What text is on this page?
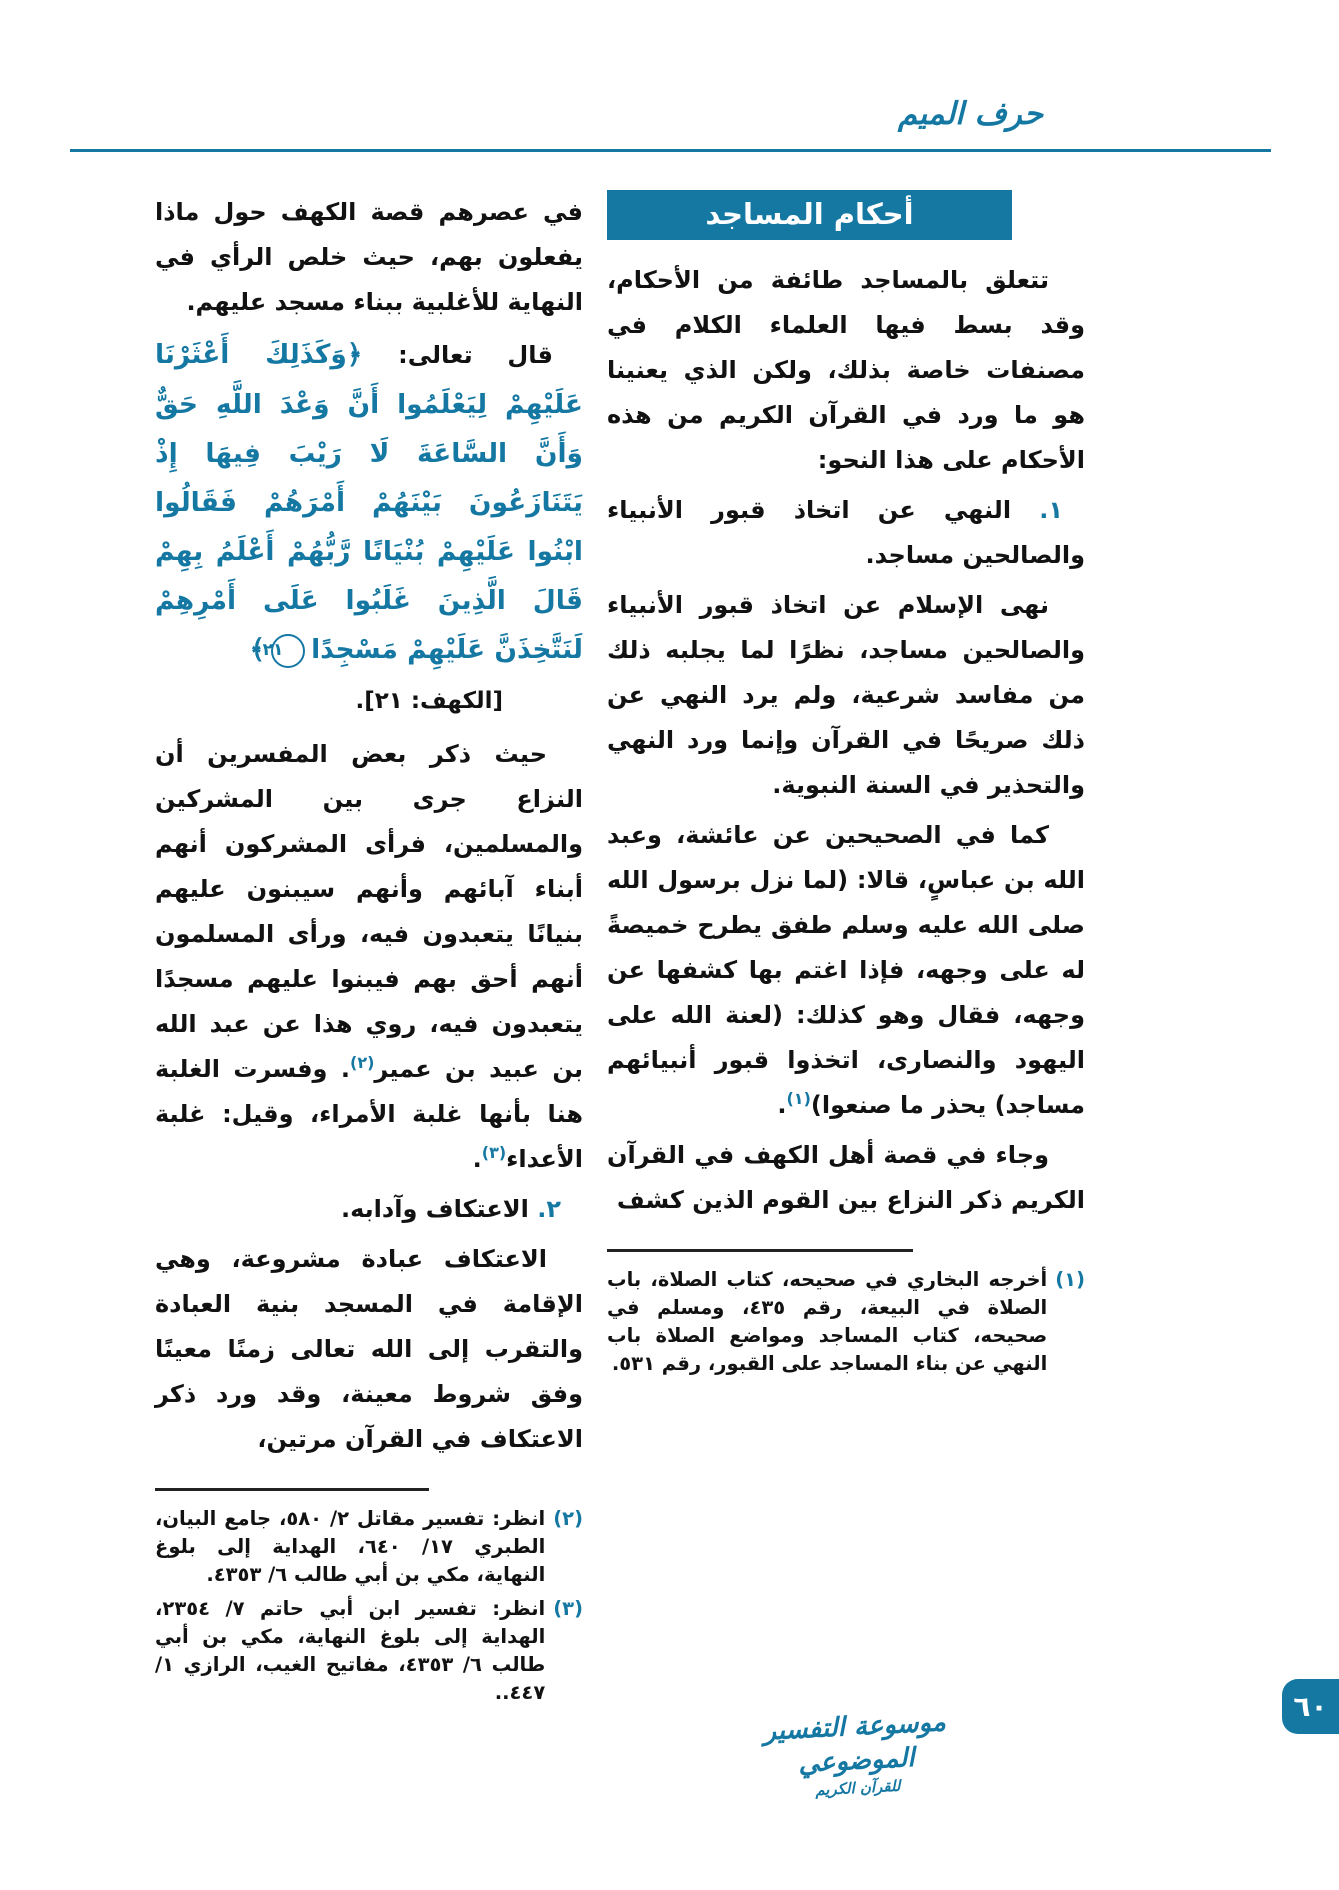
حرف الميم
أحكام المساجد

تتعلق بالمساجد طائفة من الأحكام، وقد بسط فيها العلماء الكلام في مصنفات خاصة بذلك، ولكن الذي يعنينا هو ما ورد في القرآن الكريم من هذه الأحكام على هذا النحو:

١. النهي عن اتخاذ قبور الأنبياء والصالحين مساجد.

نهى الإسلام عن اتخاذ قبور الأنبياء والصالحين مساجد، نظرًا لما يجلبه ذلك من مفاسد شرعية، ولم يرد النهي عن ذلك صريحًا في القرآن وإنما ورد النهي والتحذير في السنة النبوية.

كما في الصحيحين عن عائشة، وعبد الله بن عباسٍ، قالا: (لما نزل برسول الله صلى الله عليه وسلم طفق يطرح خميصةً له على وجهه، فإذا اغتم بها كشفها عن وجهه، فقال وهو كذلك: (لعنة الله على اليهود والنصارى، اتخذوا قبور أنبيائهم مساجد) يحذر ما صنعوا)$^{(١)}$.

وجاء في قصة أهل الكهف في القرآن الكريم ذكر النزاع بين القوم الذين كشف

(١)
أخرجه البخاري في صحيحه، كتاب الصلاة، باب الصلاة في البيعة، رقم ٤٣٥، ومسلم في صحيحه، كتاب المساجد ومواضع الصلاة باب النهي عن بناء المساجد على القبور، رقم ٥٣١.

في عصرهم قصة الكهف حول ماذا يفعلون بهم، حيث خلص الرأي في النهاية للأغلبية ببناء مسجد عليهم.

قال تعالى: ﴿وَكَذَلِكَ أَعْثَرْنَا عَلَيْهِمْ لِيَعْلَمُوا أَنَّ وَعْدَ اللَّهِ حَقٌّ وَأَنَّ السَّاعَةَ لَا رَيْبَ فِيهَا إِذْ يَتَنَازَعُونَ بَيْنَهُمْ أَمْرَهُمْ فَقَالُوا ابْنُوا عَلَيْهِمْ بُنْيَانًا رَّبُّهُمْ أَعْلَمُ بِهِمْ قَالَ الَّذِينَ غَلَبُوا عَلَى أَمْرِهِمْ لَنَتَّخِذَنَّ عَلَيْهِمْ مَسْجِدًا٢١﴾

[الكهف: ٢١].

حيث ذكر بعض المفسرين أن النزاع جرى بين المشركين والمسلمين، فرأى المشركون أنهم أبناء آبائهم وأنهم سيبنون عليهم بنيانًا يتعبدون فيه، ورأى المسلمون أنهم أحق بهم فيبنوا عليهم مسجدًا يتعبدون فيه، روي هذا عن عبد الله بن عبيد بن عمير$^{(٢)}$. وفسرت الغلبة هنا بأنها غلبة الأمراء، وقيل: غلبة الأعداء$^{(٣)}$.

٢. الاعتكاف وآدابه.

الاعتكاف عبادة مشروعة، وهي الإقامة في المسجد بنية العبادة والتقرب إلى الله تعالى زمنًا معينًا وفق شروط معينة، وقد ورد ذكر الاعتكاف في القرآن مرتين،

(٢)
انظر: تفسير مقاتل ٢/ ٥٨٠، جامع البيان، الطبري ١٧/ ٦٤٠، الهداية إلى بلوغ النهاية، مكي بن أبي طالب ٦/ ٤٣٥٣.
(٣)
انظر: تفسير ابن أبي حاتم ٧/ ٢٣٥٤، الهداية إلى بلوغ النهاية، مكي بن أبي طالب ٦/ ٤٣٥٣، مفاتيح الغيب، الرازي ١/ ٤٤٧..
موسوعة التفسير الموضوعي
للقرآن الكريم
٦٠
